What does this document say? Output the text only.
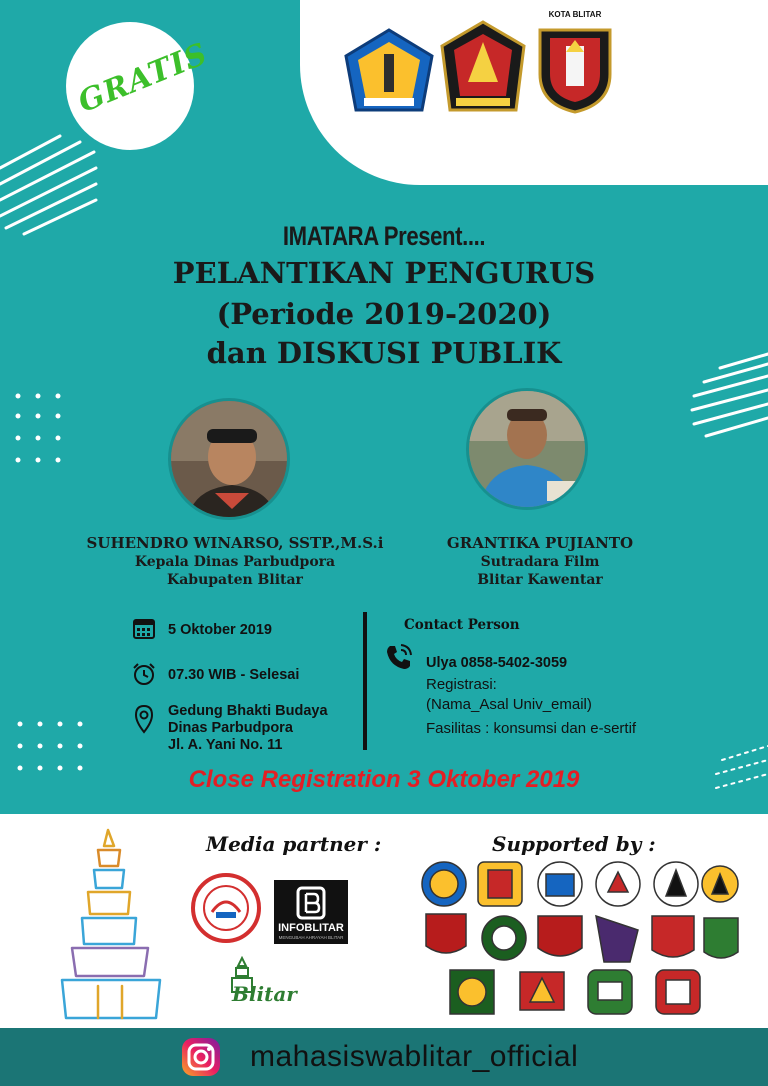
KOTA BLITAR
GRATIS
IMATARA Present....
PELANTIKAN PENGURUS
(Periode 2019-2020)
dan DISKUSI PUBLIK
SUHENDRO WINARSO, SSTP.,M.S.i
Kepala Dinas Parbudpora
Kabupaten Blitar
GRANTIKA PUJIANTO
Sutradara Film
Blitar Kawentar
5 Oktober 2019
07.30 WIB - Selesai
Gedung Bhakti Budaya
Dinas Parbudpora
Jl. A. Yani No. 11
Contact Person
Ulya 0858-5402-3059
Registrasi:
(Nama_Asal Univ_email)
Fasilitas : konsumsi dan e-sertif
Close Registration 3 Oktober 2019
Media partner :
INFOBLITAR
MENGUBAH AHRAYAH BLITAR
Blitar
Supported by :
mahasiswablitar_official
